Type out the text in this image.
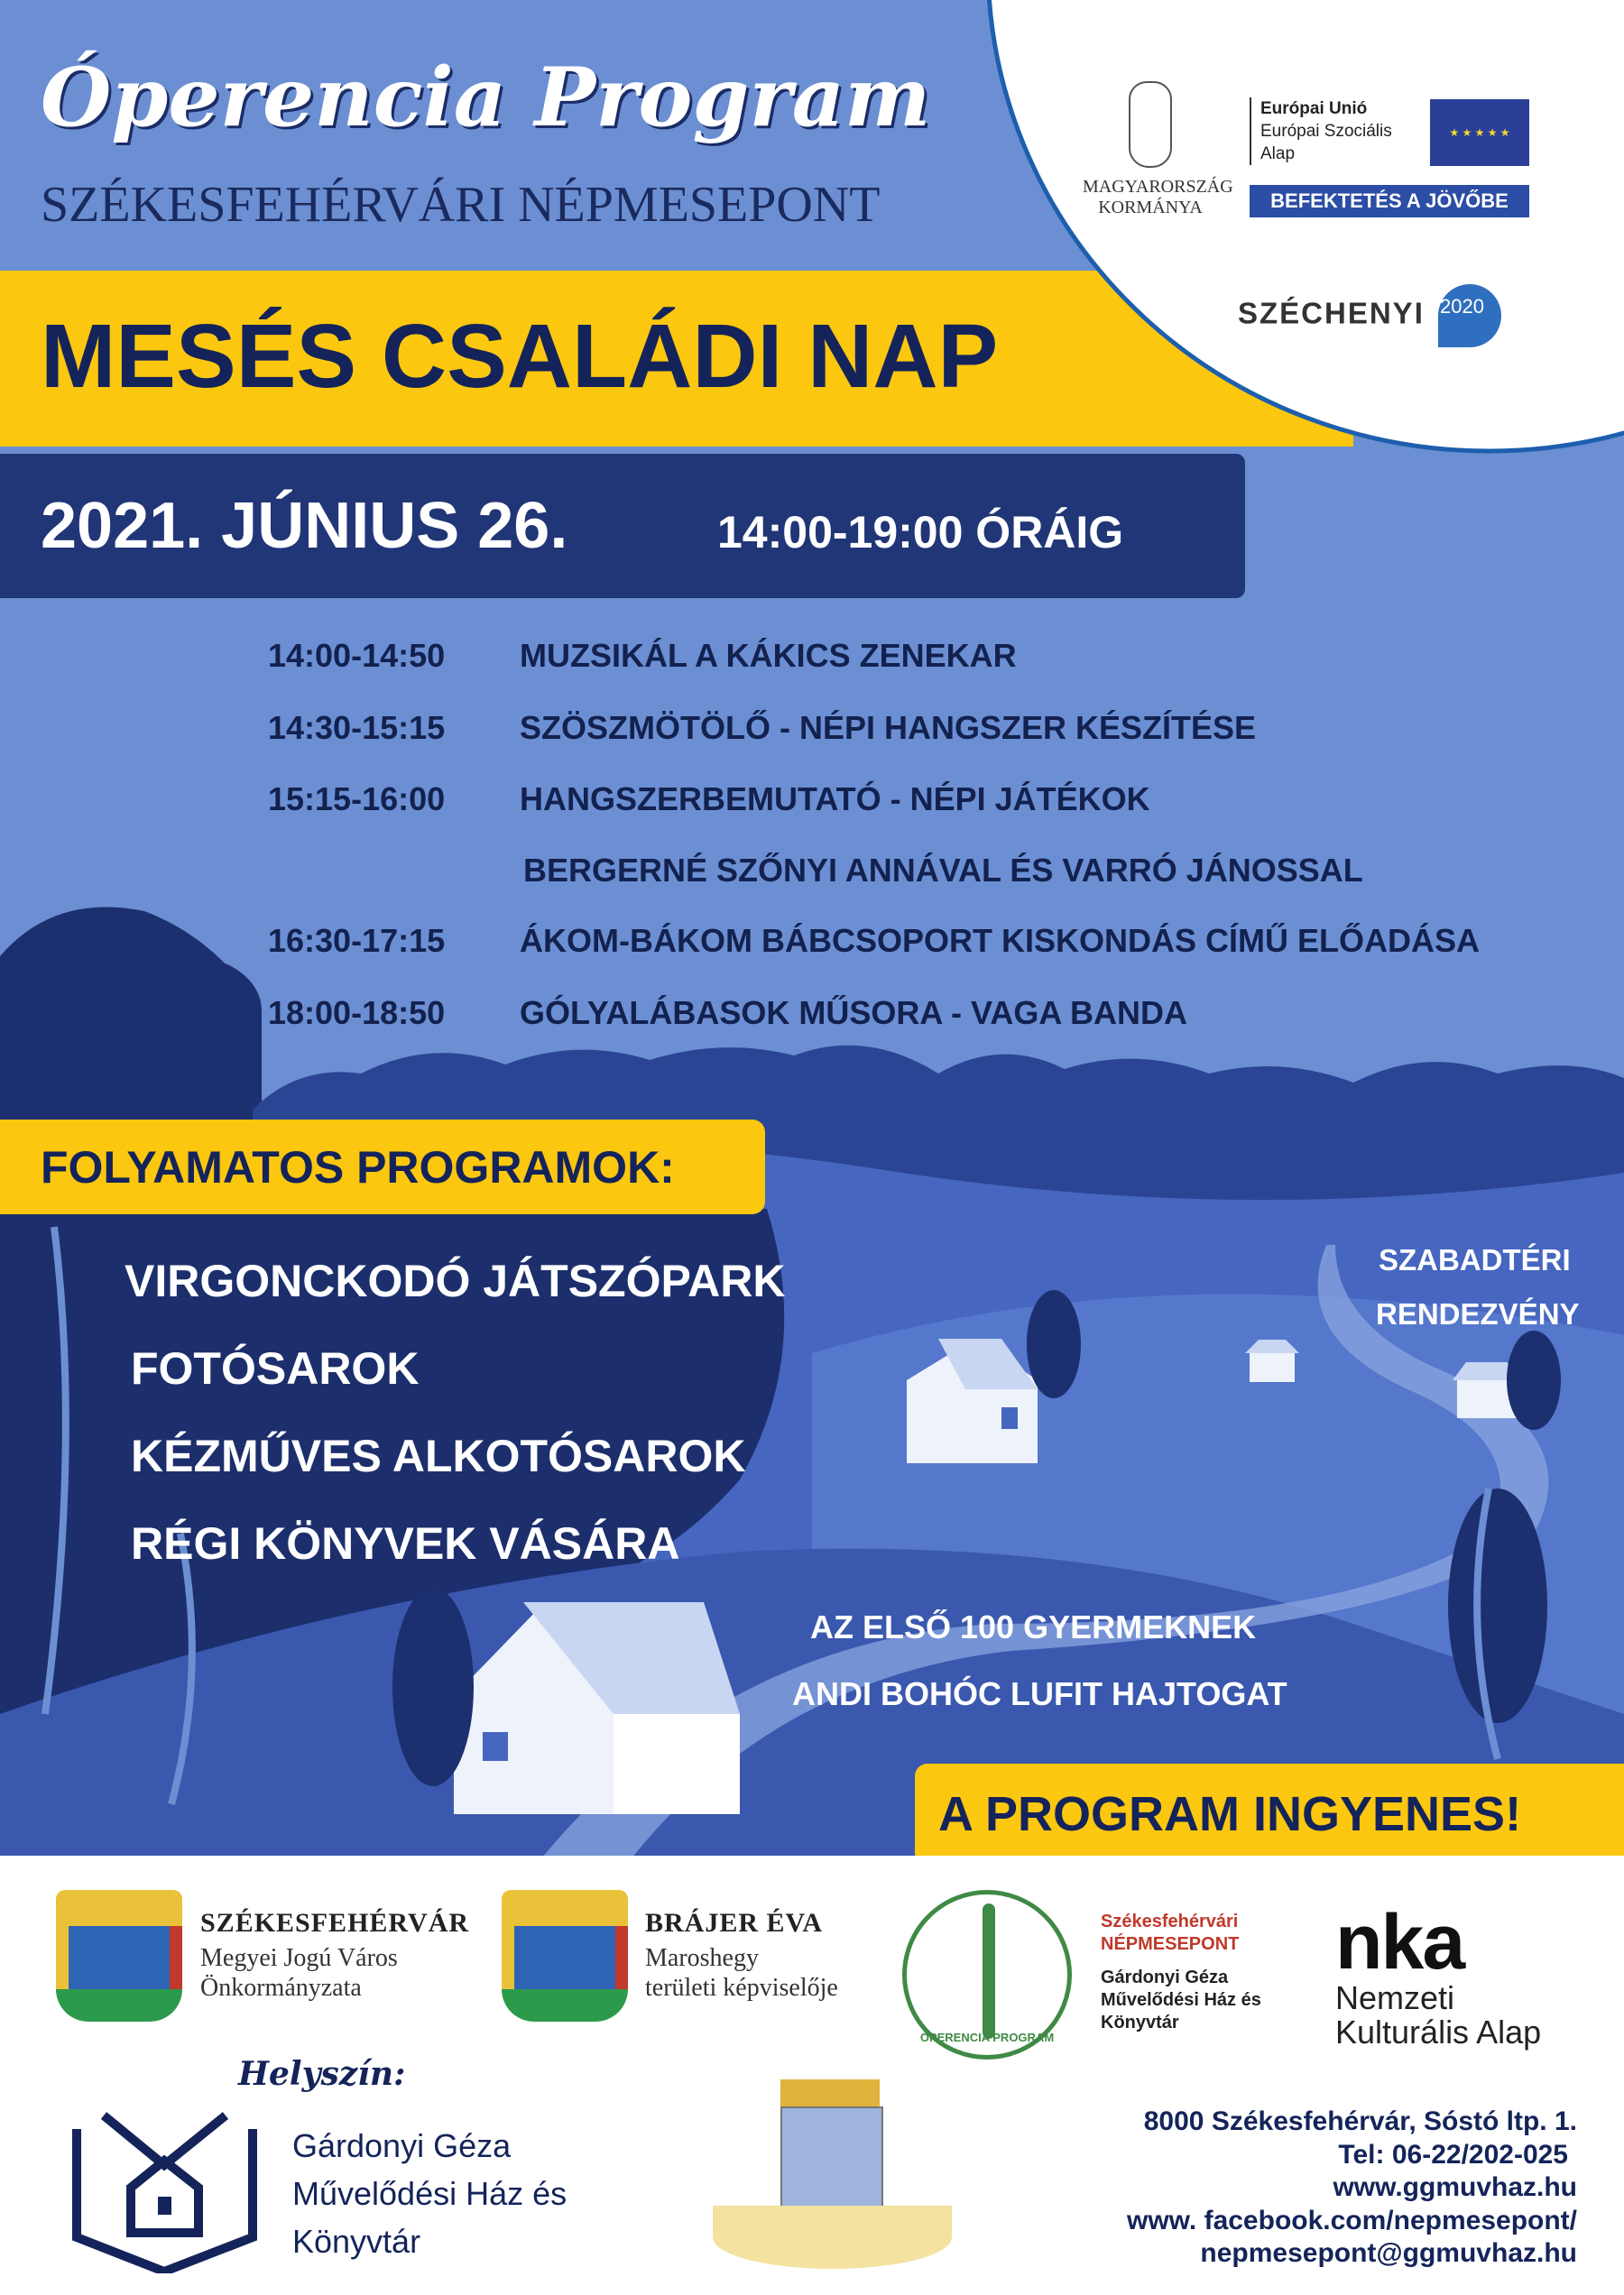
Óperencia Program
SZÉKESFEHÉRVÁRI NÉPMESEPONT
MESÉS CSALÁDI NAP
MAGYARORSZÁG
KORMÁNYA
Európai Unió
Európai Szociális
Alap
★ ★ ★ ★ ★
BEFEKTETÉS A JÖVŐBE
SZÉCHENYI 2020
2021. JÚNIUS 26.	14:00-19:00 ÓRÁIG
14:00-14:50 MUZSIKÁL A KÁKICS ZENEKAR
14:30-15:15 SZÖSZMÖTÖLŐ - NÉPI HANGSZER KÉSZÍTÉSE
15:15-16:00 HANGSZERBEMUTATÓ - NÉPI JÁTÉKOK
BERGERNÉ SZŐNYI ANNÁVAL ÉS VARRÓ JÁNOSSAL
16:30-17:15 ÁKOM-BÁKOM BÁBCSOPORT KISKONDÁS CÍMŰ ELŐADÁSA
18:00-18:50 GÓLYALÁBASOK MŰSORA - VAGA BANDA
FOLYAMATOS PROGRAMOK:
VIRGONCKODÓ JÁTSZÓPARK
FOTÓSAROK
KÉZMŰVES ALKOTÓSAROK
RÉGI KÖNYVEK VÁSÁRA
SZABADTÉRI
RENDEZVÉNY
AZ ELSŐ 100 GYERMEKNEK
ANDI BOHÓC LUFIT HAJTOGAT
A PROGRAM INGYENES!
SZÉKESFEHÉRVÁR
Megyei Jogú Város
Önkormányzata
BRÁJER ÉVA
Maroshegy
területi képviselője
ÓPERENCIA PROGRAM
Székesfehérvári
NÉPMESEPONT
Gárdonyi Géza
Művelődési Ház és
Könyvtár
nka
Nemzeti
Kulturális Alap
Helyszín:
Gárdonyi Géza
Művelődési Ház és
Könyvtár
8000 Székesfehérvár, Sóstó ltp. 1.
Tel: 06-22/202-025
www.ggmuvhaz.hu
www. facebook.com/nepmesepont/
nepmesepont@ggmuvhaz.hu
